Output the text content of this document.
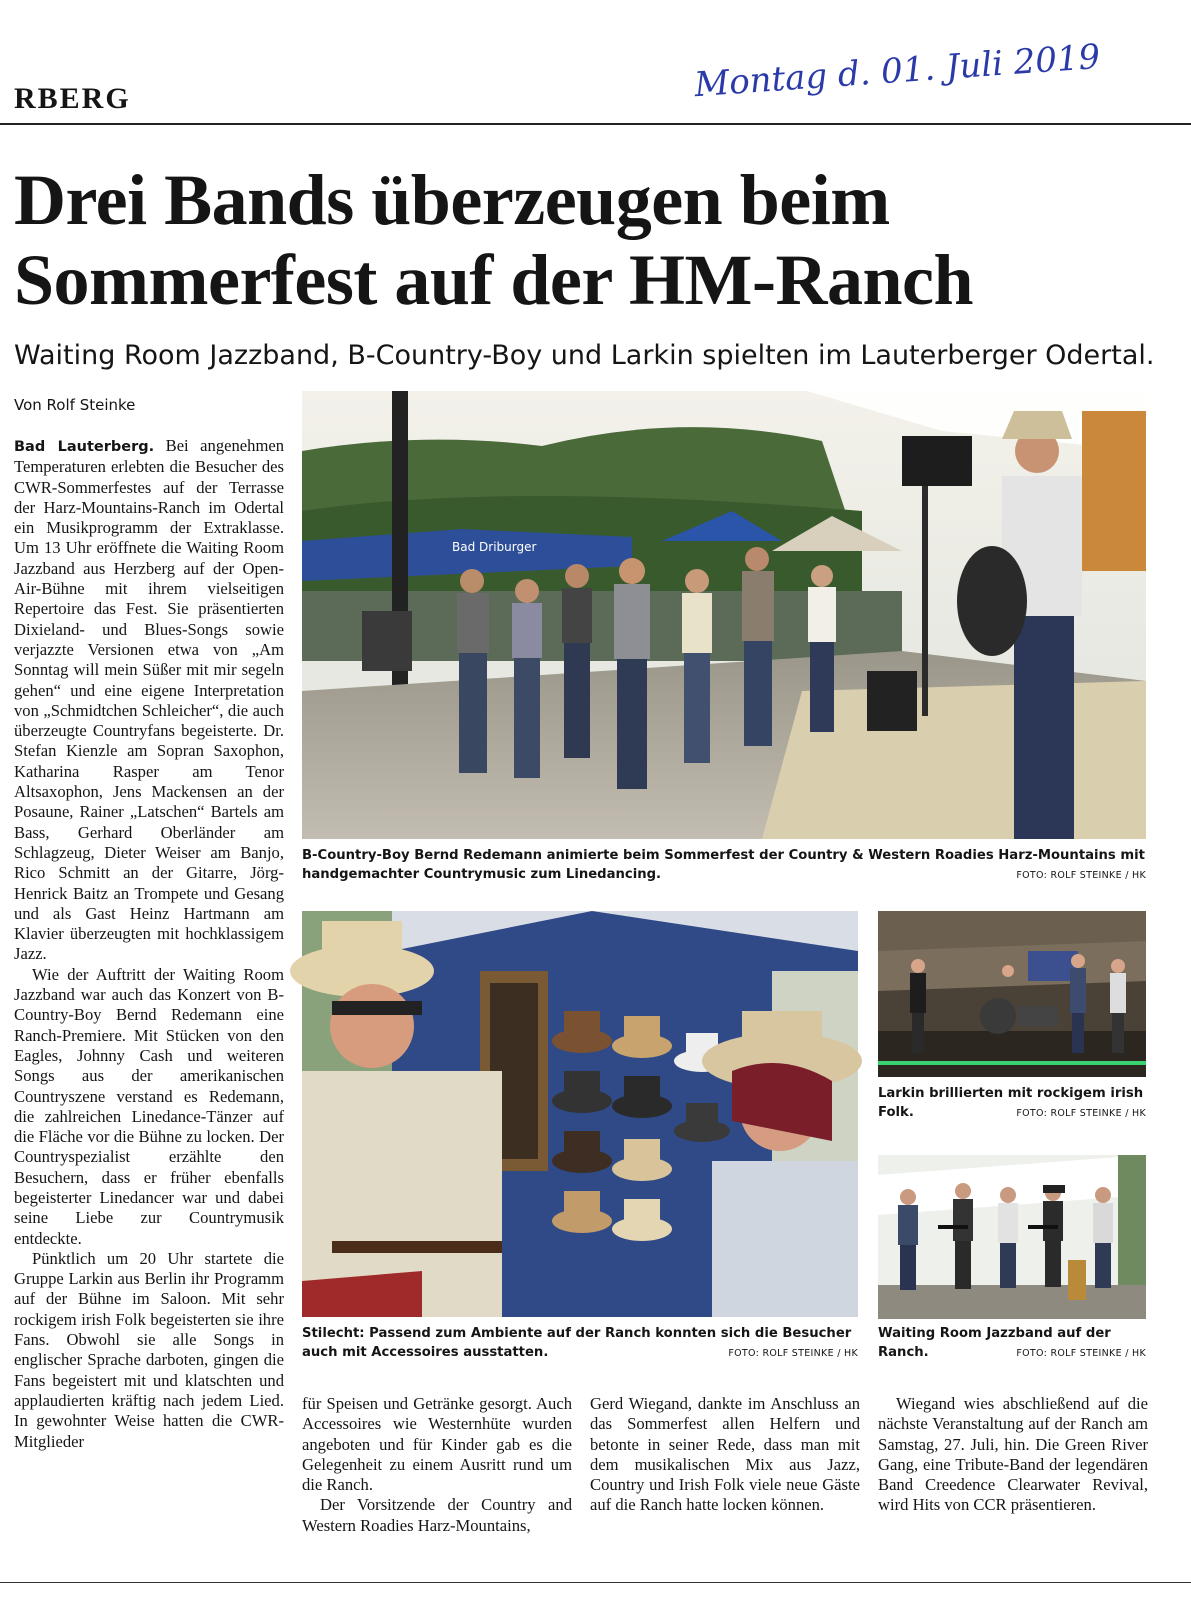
Montag d. 01. Juli 2019
RBERG
Drei Bands überzeugen beim
Sommerfest auf der HM-Ranch
Waiting Room Jazzband, B-Country-Boy und Larkin spielten im Lauterberger Odertal.
Von Rolf Steinke

Bad Lauterberg. Bei angenehmen Temperaturen erlebten die Besucher des CWR-Sommerfestes auf der Terrasse der Harz-Mountains-Ranch im Odertal ein Musikprogramm der Extraklasse. Um 13 Uhr eröffnete die Waiting Room Jazzband aus Herzberg auf der Open-Air-Bühne mit ihrem vielseitigen Repertoire das Fest. Sie präsentierten Dixieland- und Blues-Songs sowie verjazzte Versionen etwa von „Am Sonntag will mein Süßer mit mir segeln gehen“ und eine eigene Interpretation von „Schmidtchen Schleicher“, die auch überzeugte Countryfans begeisterte. Dr. Stefan Kienzle am Sopran Saxophon, Katharina Rasper am Tenor Altsaxophon, Jens Mackensen an der Posaune, Rainer „Latschen“ Bartels am Bass, Gerhard Oberländer am Schlagzeug, Dieter Weiser am Banjo, Rico Schmitt an der Gitarre, Jörg-Henrick Baitz an Trompete und Gesang und als Gast Heinz Hartmann am Klavier überzeugten mit hochklassigem Jazz.

Wie der Auftritt der Waiting Room Jazzband war auch das Konzert von B-Country-Boy Bernd Redemann eine Ranch-Premiere. Mit Stücken von den Eagles, Johnny Cash und weiteren Songs aus der amerikanischen Countryszene verstand es Redemann, die zahlreichen Linedance-Tänzer auf die Fläche vor die Bühne zu locken. Der Countryspezialist erzählte den Besuchern, dass er früher ebenfalls begeisterter Linedancer war und dabei seine Liebe zur Countrymusik entdeckte.

Pünktlich um 20 Uhr startete die Gruppe Larkin aus Berlin ihr Programm auf der Bühne im Saloon. Mit sehr rockigem irish Folk begeisterten sie ihre Fans. Obwohl sie alle Songs in englischer Sprache darboten, gingen die Fans begeistert mit und klatschten und applaudierten kräftig nach jedem Lied. In gewohnter Weise hatten die CWR-Mitglieder

Bad Driburger
B-Country-Boy Bernd Redemann animierte beim Sommerfest der Country & Western Roadies Harz-Mountains mit handgemachter Countrymusic zum Linedancing.	FOTO: ROLF STEINKE / HK
Stilecht: Passend zum Ambiente auf der Ranch konnten sich die Besucher auch mit Accessoires ausstatten.	FOTO: ROLF STEINKE / HK
Larkin brillierten mit rockigem irish Folk.	FOTO: ROLF STEINKE / HK
Waiting Room Jazzband auf der Ranch.	FOTO: ROLF STEINKE / HK

für Speisen und Getränke gesorgt. Auch Accessoires wie Westernhüte wurden angeboten und für Kinder gab es die Gelegenheit zu einem Ausritt rund um die Ranch.

Der Vorsitzende der Country and Western Roadies Harz-Mountains,

Gerd Wiegand, dankte im Anschluss an das Sommerfest allen Helfern und betonte in seiner Rede, dass man mit dem musikalischen Mix aus Jazz, Country und Irish Folk viele neue Gäste auf die Ranch hatte locken können.

Wiegand wies abschließend auf die nächste Veranstaltung auf der Ranch am Samstag, 27. Juli, hin. Die Green River Gang, eine Tribute-Band der legendären Band Creedence Clearwater Revival, wird Hits von CCR präsentieren.
